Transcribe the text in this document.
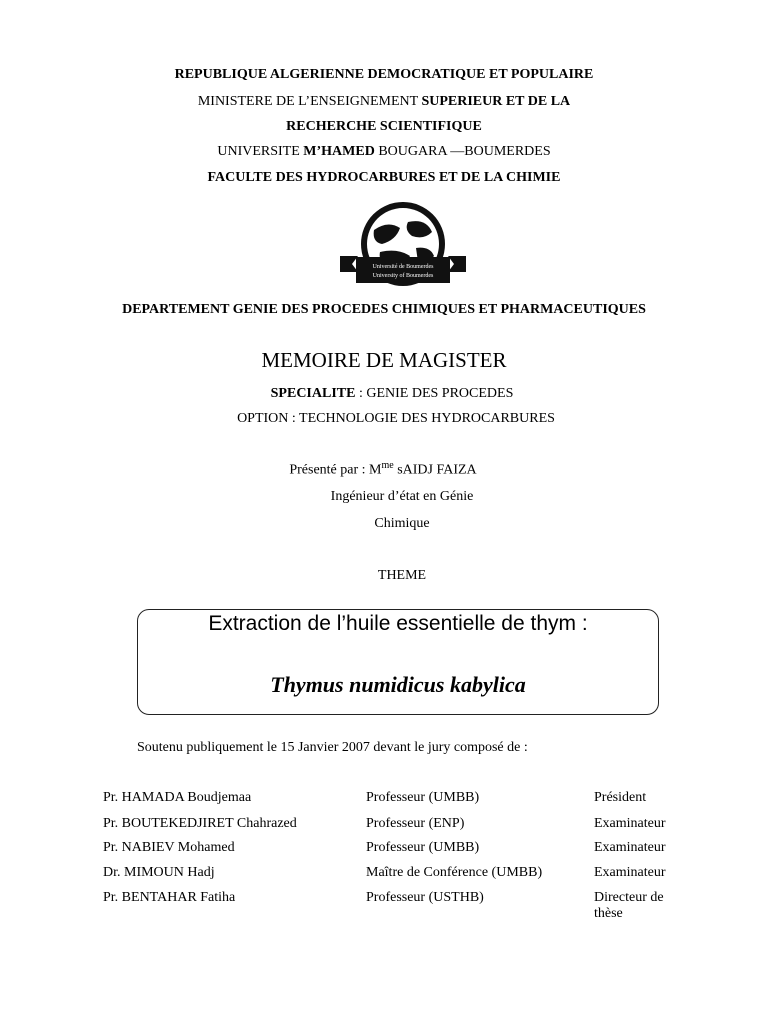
REPUBLIQUE ALGERIENNE DEMOCRATIQUE ET POPULAIRE
MINISTERE DE L’ENSEIGNEMENT SUPERIEUR ET DE LA
RECHERCHE SCIENTIFIQUE
UNIVERSITE M’HAMED BOUGARA —BOUMERDES
FACULTE DES HYDROCARBURES ET DE LA CHIMIE
Université de Boumerdes
University of Boumerdes
DEPARTEMENT GENIE DES PROCEDES CHIMIQUES ET PHARMACEUTIQUES
MEMOIRE DE MAGISTER
SPECIALITE : GENIE DES PROCEDES
OPTION : TECHNOLOGIE DES HYDROCARBURES
Présenté par : $M^{me}$ sAIDJ FAIZA
Ingénieur d’état en Génie
Chimique
THEME
Extraction de l’huile essentielle de thym :
Thymus numidicus kabylica
Soutenu publiquement le 15 Janvier 2007 devant le jury composé de :
Pr. HAMADA Boudjemaa	Professeur (UMBB)	Président
Pr. BOUTEKEDJIRET Chahrazed	Professeur (ENP)	Examinateur
Pr. NABIEV Mohamed	Professeur (UMBB)	Examinateur
Dr. MIMOUN Hadj	Maître de Conférence (UMBB)	Examinateur
Pr. BENTAHAR Fatiha	Professeur (USTHB)	Directeur de thèse
